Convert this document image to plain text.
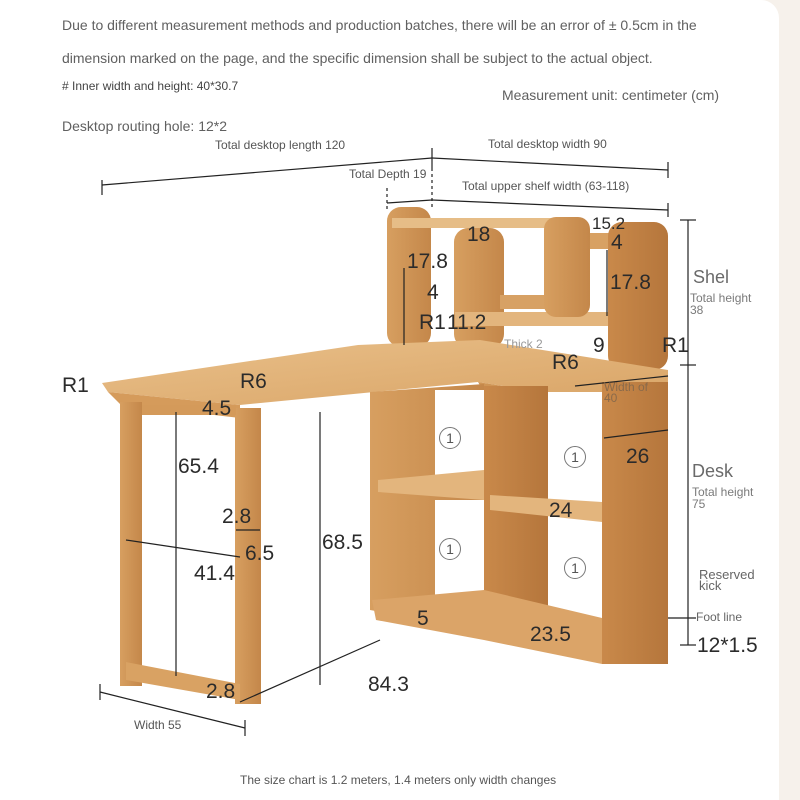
Due to different measurement methods and production batches, there will be an error of ± 0.5cm in the
dimension marked on the page, and the specific dimension shall be subject to the actual object.
# Inner width and height: 40*30.7
Measurement unit: centimeter (cm)
Desktop routing hole: 12*2
Total desktop length 120	Total desktop width 90
Total Depth 19
Total upper shelf width (63-118)
Width 55
18
17.8
4
R1 11.2
Thick 2
15.2
4
17.8
9	R1
Shel
Total height
38
R1	R6
4.5
65.4
2.8
6.5
41.4
68.5
2.8	84.3
R6
Width of
40
26
24
5
23.5
1
1
1
1
Desk
Total height
75
Reserved kick
Foot line
12*1.5
The size chart is 1.2 meters, 1.4 meters only width changes
